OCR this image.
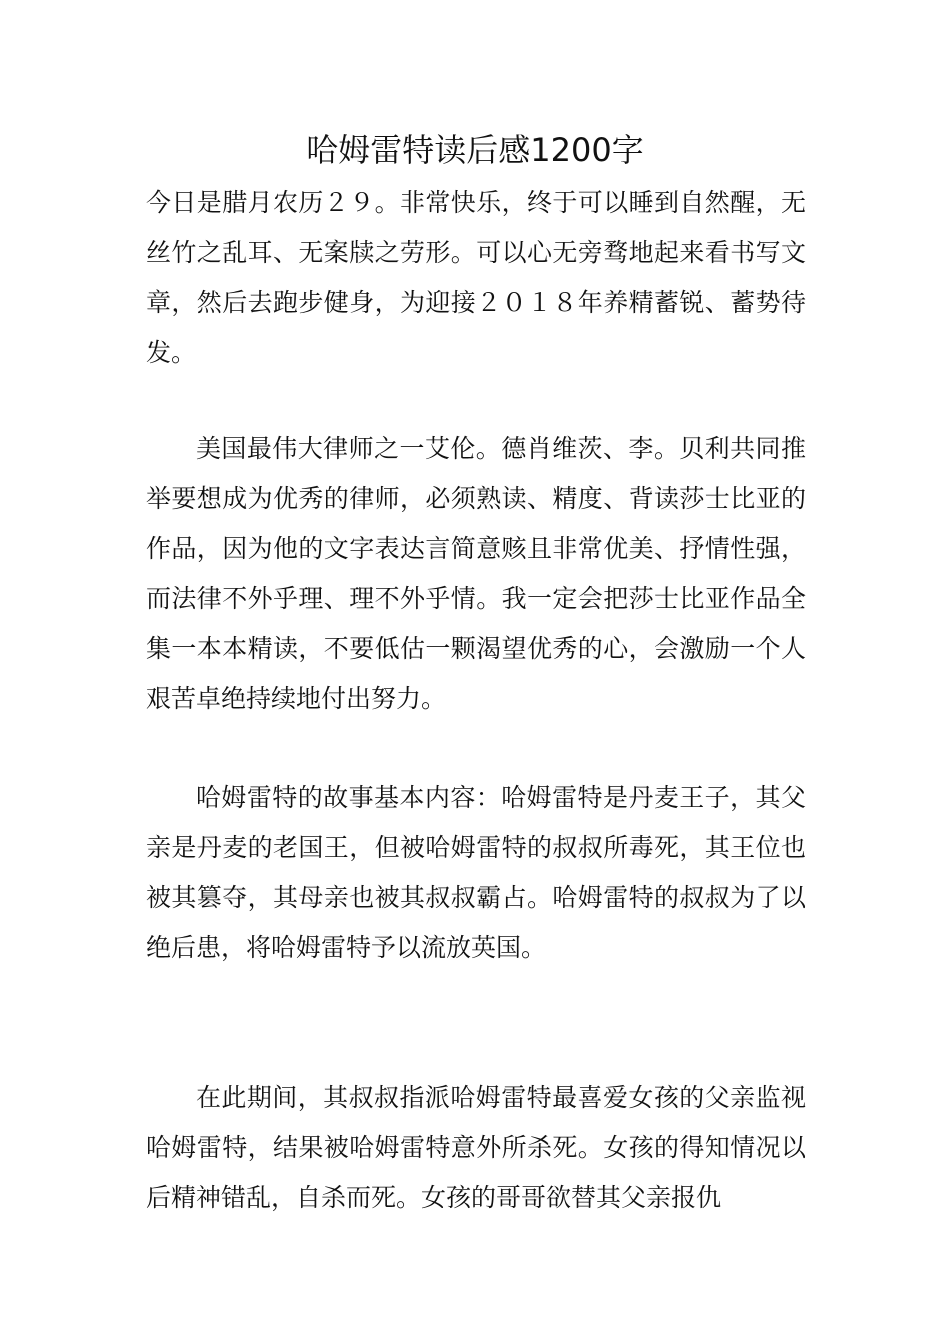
哈姆雷特读后感1200字

今日是腊月农历２９。非常快乐，终于可以睡到自然醒，无丝竹之乱耳、无案牍之劳形。可以心无旁骛地起来看书写文章，然后去跑步健身，为迎接２０１８年养精蓄锐、蓄势待发。

美国最伟大律师之一艾伦。德肖维茨、李。贝利共同推举要想成为优秀的律师，必须熟读、精度、背读莎士比亚的作品，因为他的文字表达言简意赅且非常优美、抒情性强，而法律不外乎理、理不外乎情。我一定会把莎士比亚作品全集一本本精读，不要低估一颗渴望优秀的心，会激励一个人艰苦卓绝持续地付出努力。

哈姆雷特的故事基本内容：哈姆雷特是丹麦王子，其父亲是丹麦的老国王，但被哈姆雷特的叔叔所毒死，其王位也被其篡夺，其母亲也被其叔叔霸占。哈姆雷特的叔叔为了以绝后患，将哈姆雷特予以流放英国。

在此期间，其叔叔指派哈姆雷特最喜爱女孩的父亲监视哈姆雷特，结果被哈姆雷特意外所杀死。女孩的得知情况以后精神错乱，自杀而死。女孩的哥哥欲替其父亲报仇
